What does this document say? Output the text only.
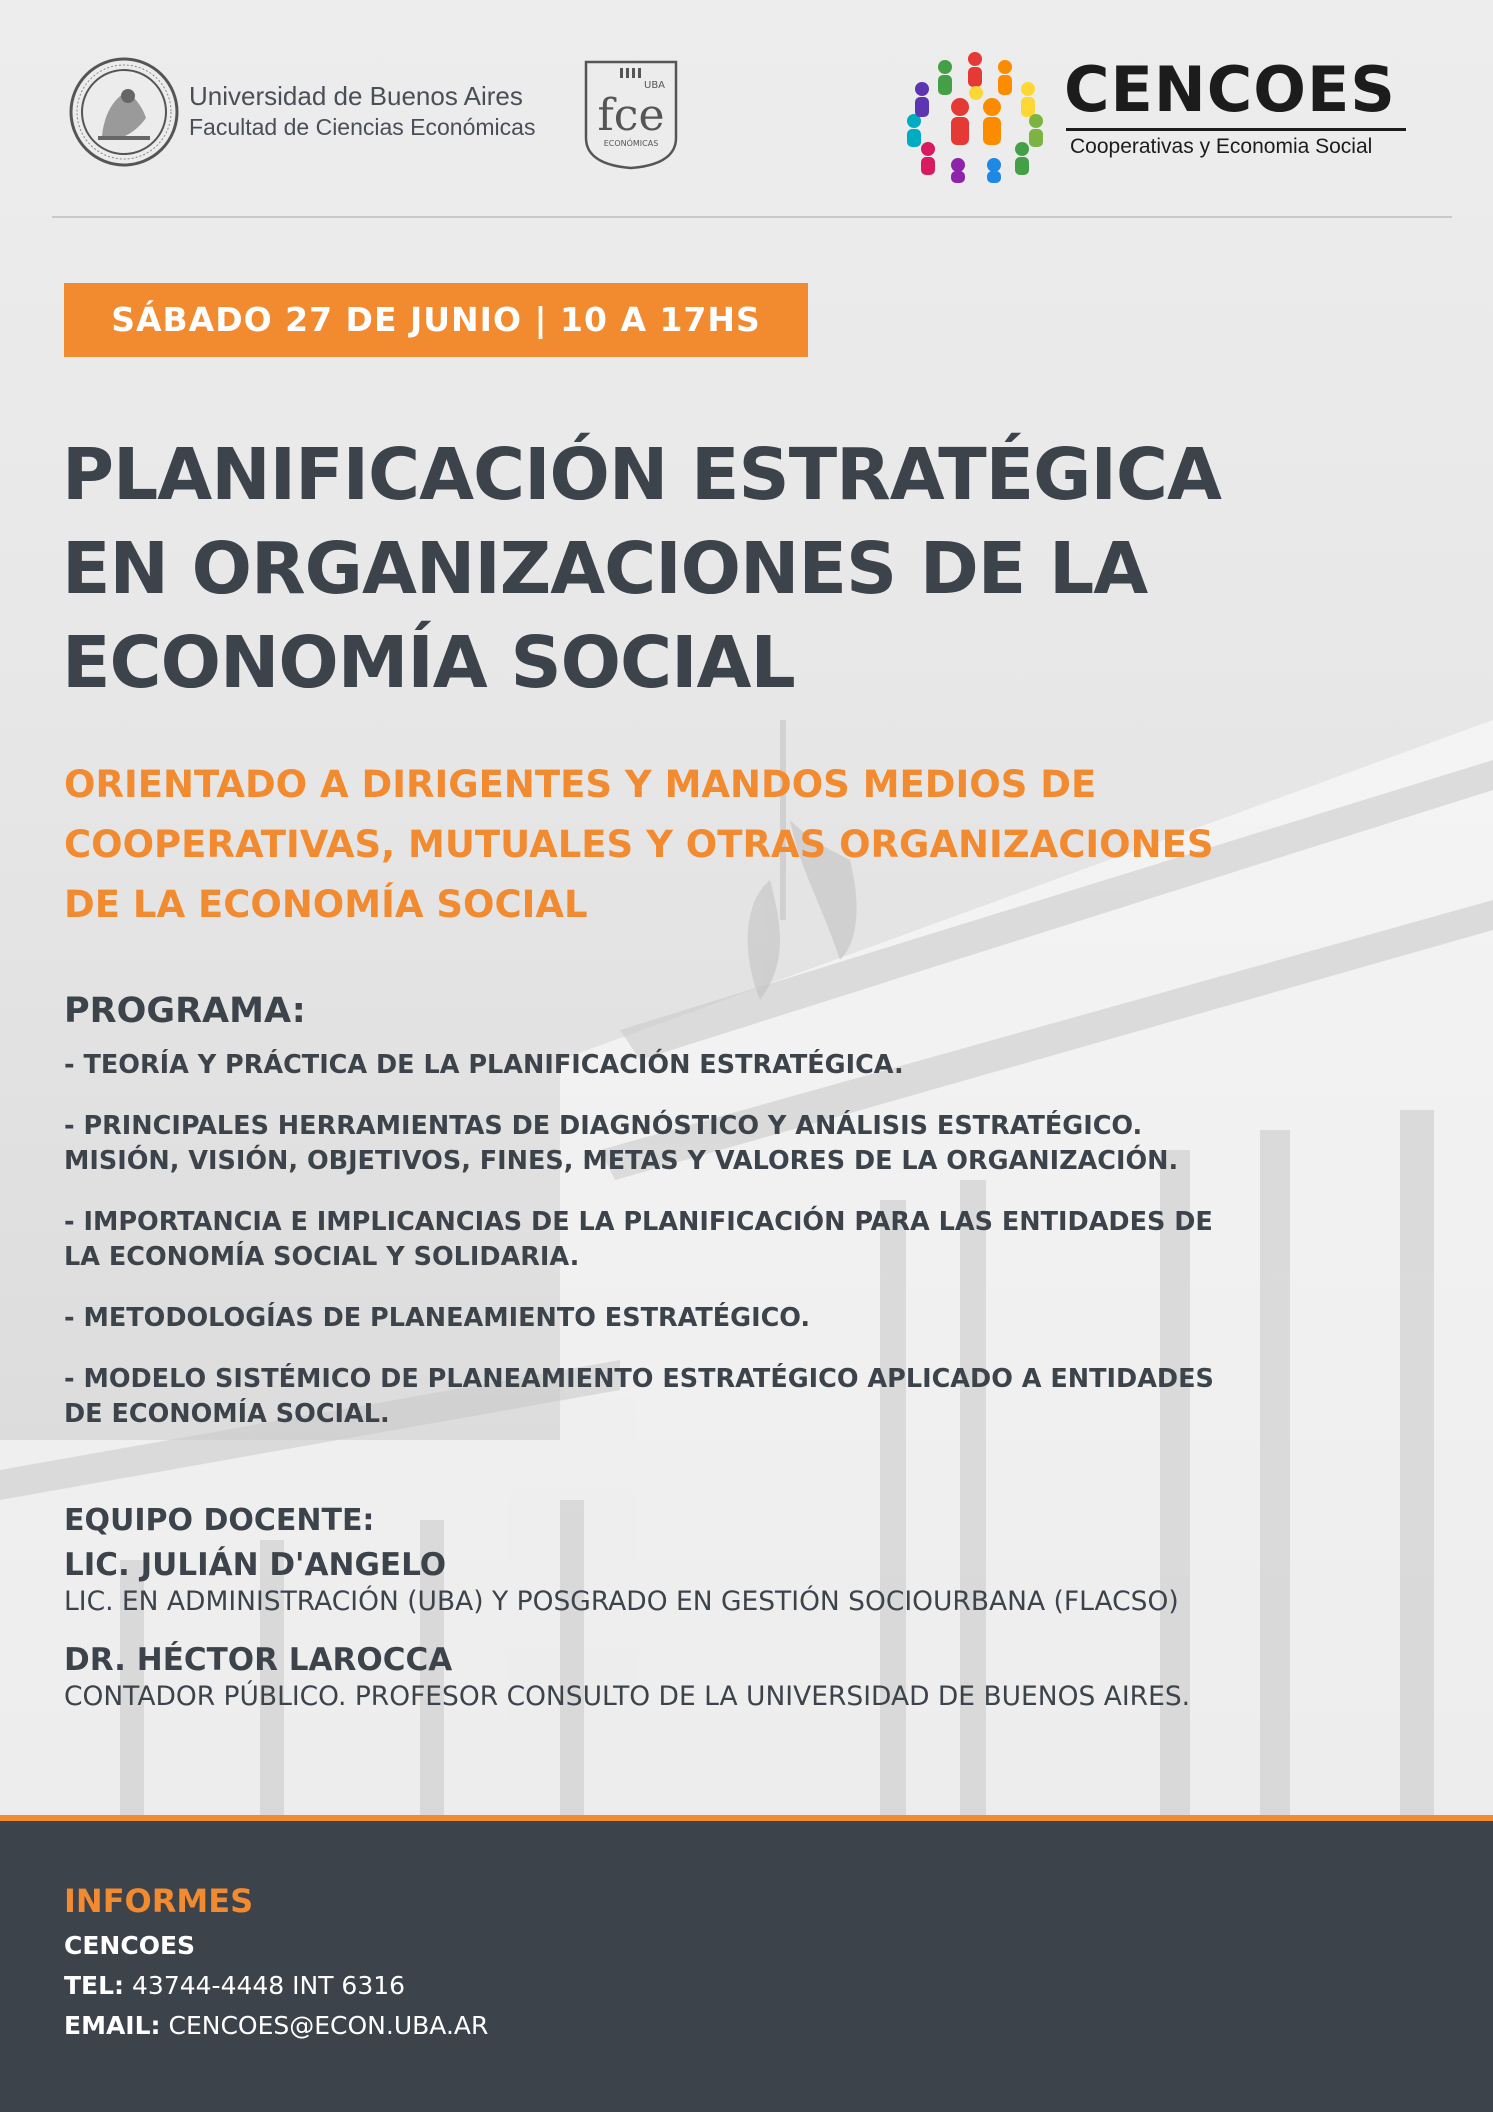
Universidad de Buenos Aires
Facultad de Ciencias Económicas
UBA
fce
ECONÓMICAS
CENCOES
Cooperativas y Economia Social
SÁBADO 27 DE JUNIO | 10 A 17HS
PLANIFICACIÓN ESTRATÉGICA
EN ORGANIZACIONES DE LA
ECONOMÍA SOCIAL
ORIENTADO A DIRIGENTES Y MANDOS MEDIOS DE
COOPERATIVAS, MUTUALES Y OTRAS ORGANIZACIONES
DE LA ECONOMÍA SOCIAL
PROGRAMA:
- TEORÍA Y PRÁCTICA DE LA PLANIFICACIÓN ESTRATÉGICA.
- PRINCIPALES HERRAMIENTAS DE DIAGNÓSTICO Y ANÁLISIS ESTRATÉGICO.
MISIÓN, VISIÓN, OBJETIVOS, FINES, METAS Y VALORES DE LA ORGANIZACIÓN.
- IMPORTANCIA E IMPLICANCIAS DE LA PLANIFICACIÓN PARA LAS ENTIDADES DE
LA ECONOMÍA SOCIAL Y SOLIDARIA.
- METODOLOGÍAS DE PLANEAMIENTO ESTRATÉGICO.
- MODELO SISTÉMICO DE PLANEAMIENTO ESTRATÉGICO APLICADO A ENTIDADES
DE ECONOMÍA SOCIAL.
EQUIPO DOCENTE:
LIC. JULIÁN D'ANGELO
LIC. EN ADMINISTRACIÓN (UBA) Y POSGRADO EN GESTIÓN SOCIOURBANA (FLACSO)
DR. HÉCTOR LAROCCA
CONTADOR PÚBLICO. PROFESOR CONSULTO DE LA UNIVERSIDAD DE BUENOS AIRES.
INFORMES
CENCOES
TEL: 43744-4448 INT 6316
EMAIL: CENCOES@ECON.UBA.AR
